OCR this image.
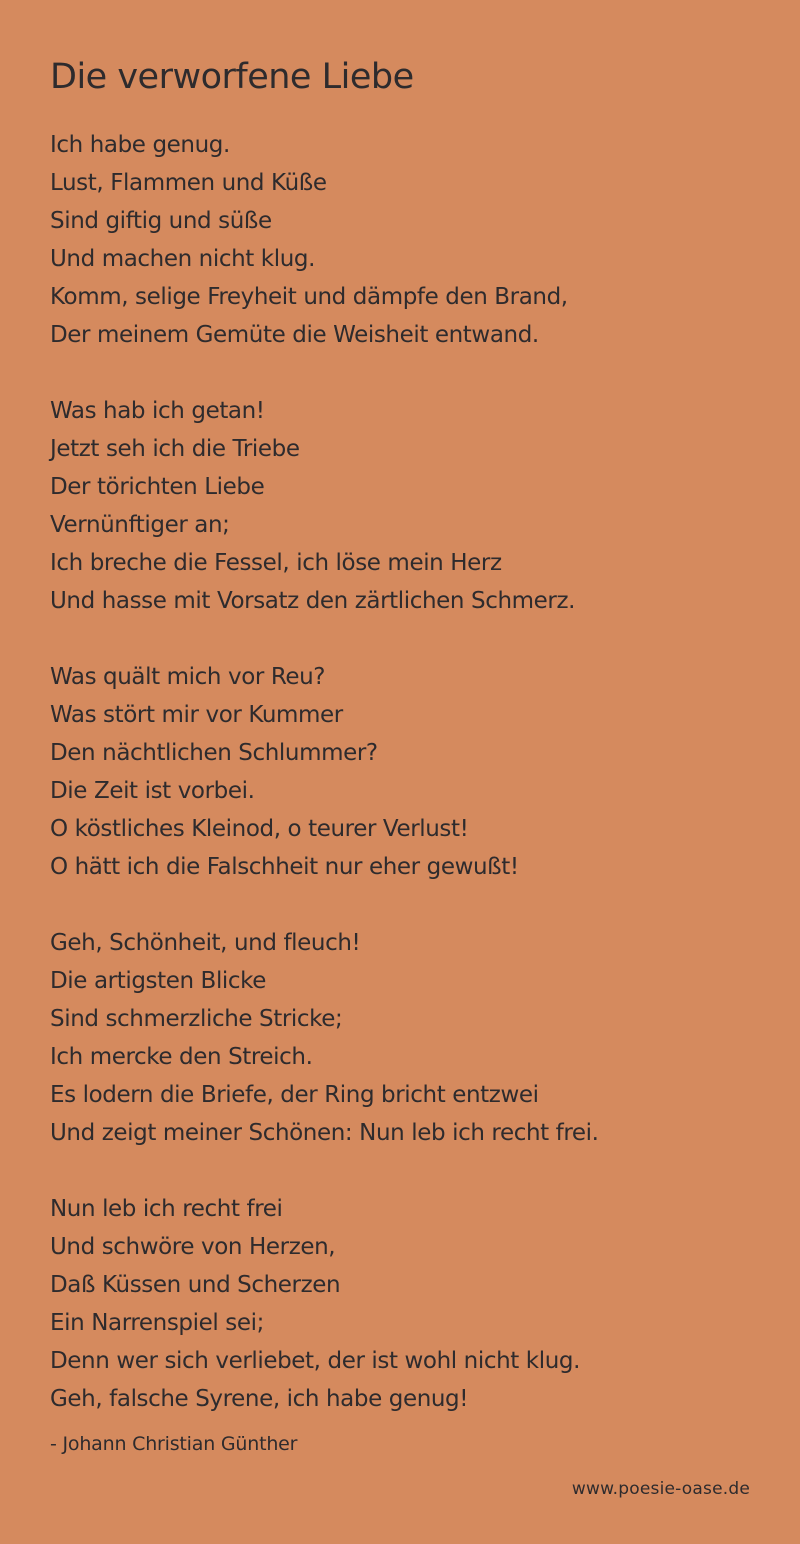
Die verworfene Liebe
Ich habe genug.
Lust, Flammen und Küße
Sind giftig und süße
Und machen nicht klug.
Komm, selige Freyheit und dämpfe den Brand,
Der meinem Gemüte die Weisheit entwand.
Was hab ich getan!
Jetzt seh ich die Triebe
Der törichten Liebe
Vernünftiger an;
Ich breche die Fessel, ich löse mein Herz
Und hasse mit Vorsatz den zärtlichen Schmerz.
Was quält mich vor Reu?
Was stört mir vor Kummer
Den nächtlichen Schlummer?
Die Zeit ist vorbei.
O köstliches Kleinod, o teurer Verlust!
O hätt ich die Falschheit nur eher gewußt!
Geh, Schönheit, und fleuch!
Die artigsten Blicke
Sind schmerzliche Stricke;
Ich mercke den Streich.
Es lodern die Briefe, der Ring bricht entzwei
Und zeigt meiner Schönen: Nun leb ich recht frei.
Nun leb ich recht frei
Und schwöre von Herzen,
Daß Küssen und Scherzen
Ein Narrenspiel sei;
Denn wer sich verliebet, der ist wohl nicht klug.
Geh, falsche Syrene, ich habe genug!
- Johann Christian Günther
www.poesie-oase.de
